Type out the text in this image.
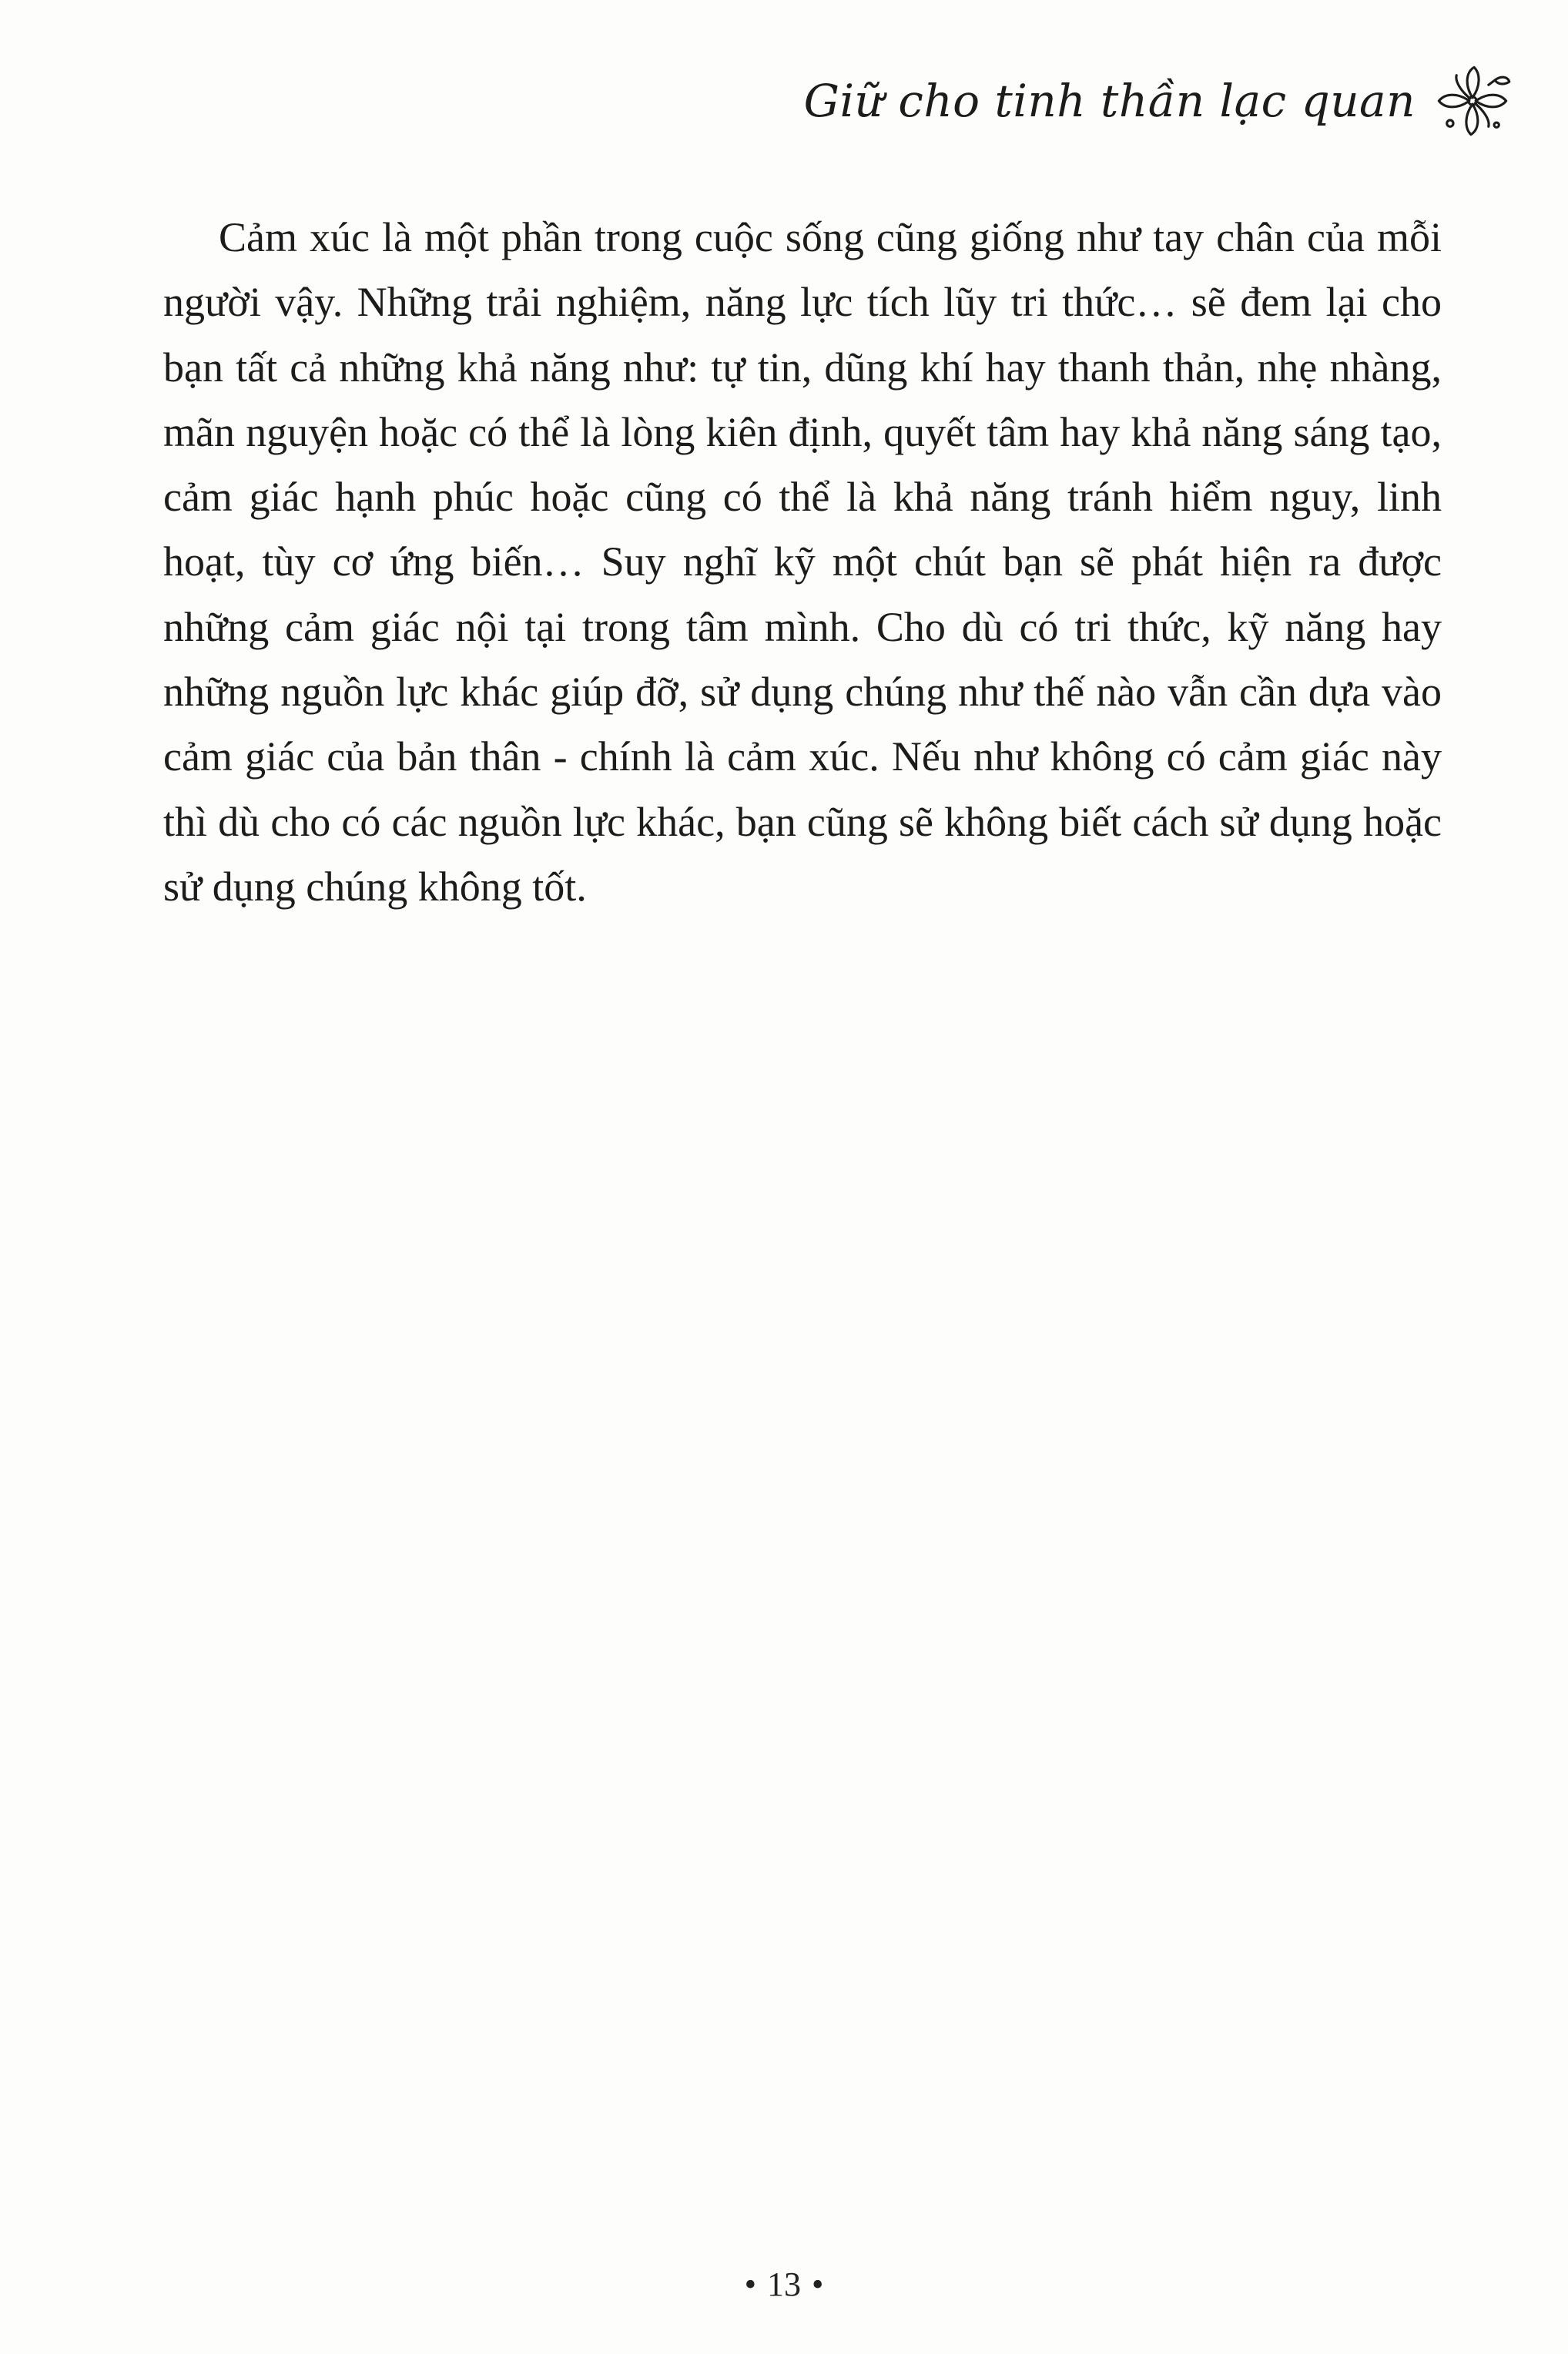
Giữ cho tinh thần lạc quan

Cảm xúc là một phần trong cuộc sống cũng giống như tay chân của mỗi người vậy. Những trải nghiệm, năng lực tích lũy tri thức… sẽ đem lại cho bạn tất cả những khả năng như: tự tin, dũng khí hay thanh thản, nhẹ nhàng, mãn nguyện hoặc có thể là lòng kiên định, quyết tâm hay khả năng sáng tạo, cảm giác hạnh phúc hoặc cũng có thể là khả năng tránh hiểm nguy, linh hoạt, tùy cơ ứng biến… Suy nghĩ kỹ một chút bạn sẽ phát hiện ra được những cảm giác nội tại trong tâm mình. Cho dù có tri thức, kỹ năng hay những nguồn lực khác giúp đỡ, sử dụng chúng như thế nào vẫn cần dựa vào cảm giác của bản thân - chính là cảm xúc. Nếu như không có cảm giác này thì dù cho có các nguồn lực khác, bạn cũng sẽ không biết cách sử dụng hoặc sử dụng chúng không tốt.

• 13 •
